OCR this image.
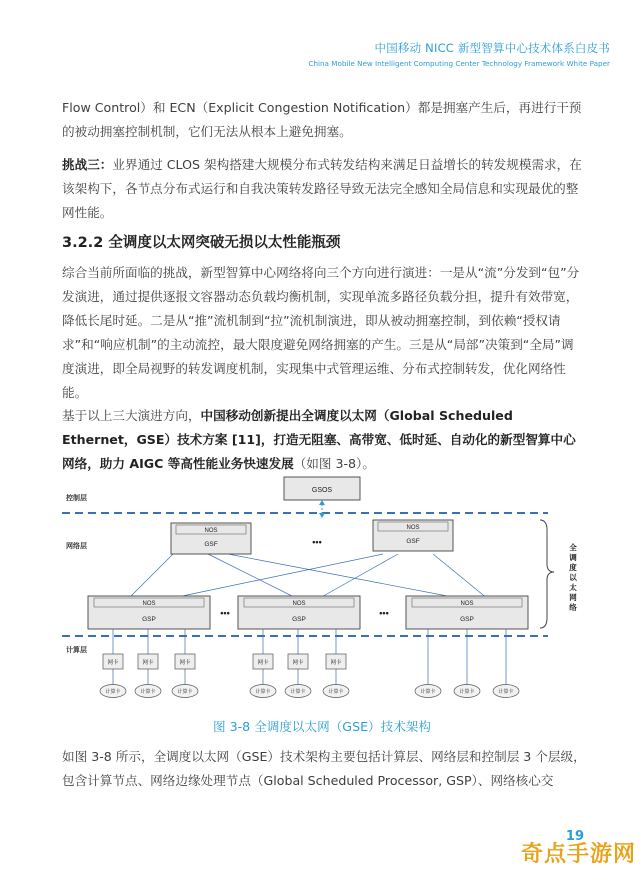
中国移动 NICC 新型智算中心技术体系白皮书
China Mobile New Intelligent Computing Center Technology Framework White Paper

Flow Control）和 ECN（Explicit Congestion Notification）都是拥塞产生后，再进行干预的被动拥塞控制机制，它们无法从根本上避免拥塞。

挑战三：业界通过 CLOS 架构搭建大规模分布式转发结构来满足日益增长的转发规模需求，在该架构下，各节点分布式运行和自我决策转发路径导致无法完全感知全局信息和实现最优的整网性能。

3.2.2 全调度以太网突破无损以太性能瓶颈

综合当前所面临的挑战，新型智算中心网络将向三个方向进行演进：一是从“流”分发到“包”分发演进，通过提供逐报文容器动态负载均衡机制，实现单流多路径负载分担，提升有效带宽，降低长尾时延。二是从“推”流机制到“拉”流机制演进，即从被动拥塞控制，到依赖“授权请求”和“响应机制”的主动流控，最大限度避免网络拥塞的产生。三是从“局部”决策到“全局”调度演进，即全局视野的转发调度机制，实现集中式管理运维、分布式控制转发，优化网络性能。

基于以上三大演进方向，中国移动创新提出全调度以太网（Global Scheduled Ethernet，GSE）技术方案 [11]，打造无阻塞、高带宽、低时延、自动化的新型智算中心网络，助力 AIGC 等高性能业务快速发展（如图 3-8）。

控制层
网络层
计算层
GSOS
NOS
GSF	•••
NOS
GSF
NOS
GSP
•••
NOS
GSP
•••
NOS
GSP
网卡	网卡	网卡	网卡	网卡	网卡
计算卡	计算卡	计算卡	计算卡	计算卡	计算卡	计算卡	计算卡	计算卡
全
调
度
以
太
网
络
图 3-8 全调度以太网（GSE）技术架构

如图 3-8 所示，全调度以太网（GSE）技术架构主要包括计算层、网络层和控制层 3 个层级，包含计算节点、网络边缘处理节点（Global Scheduled Processor, GSP）、网络核心交

19
奇点手游网
